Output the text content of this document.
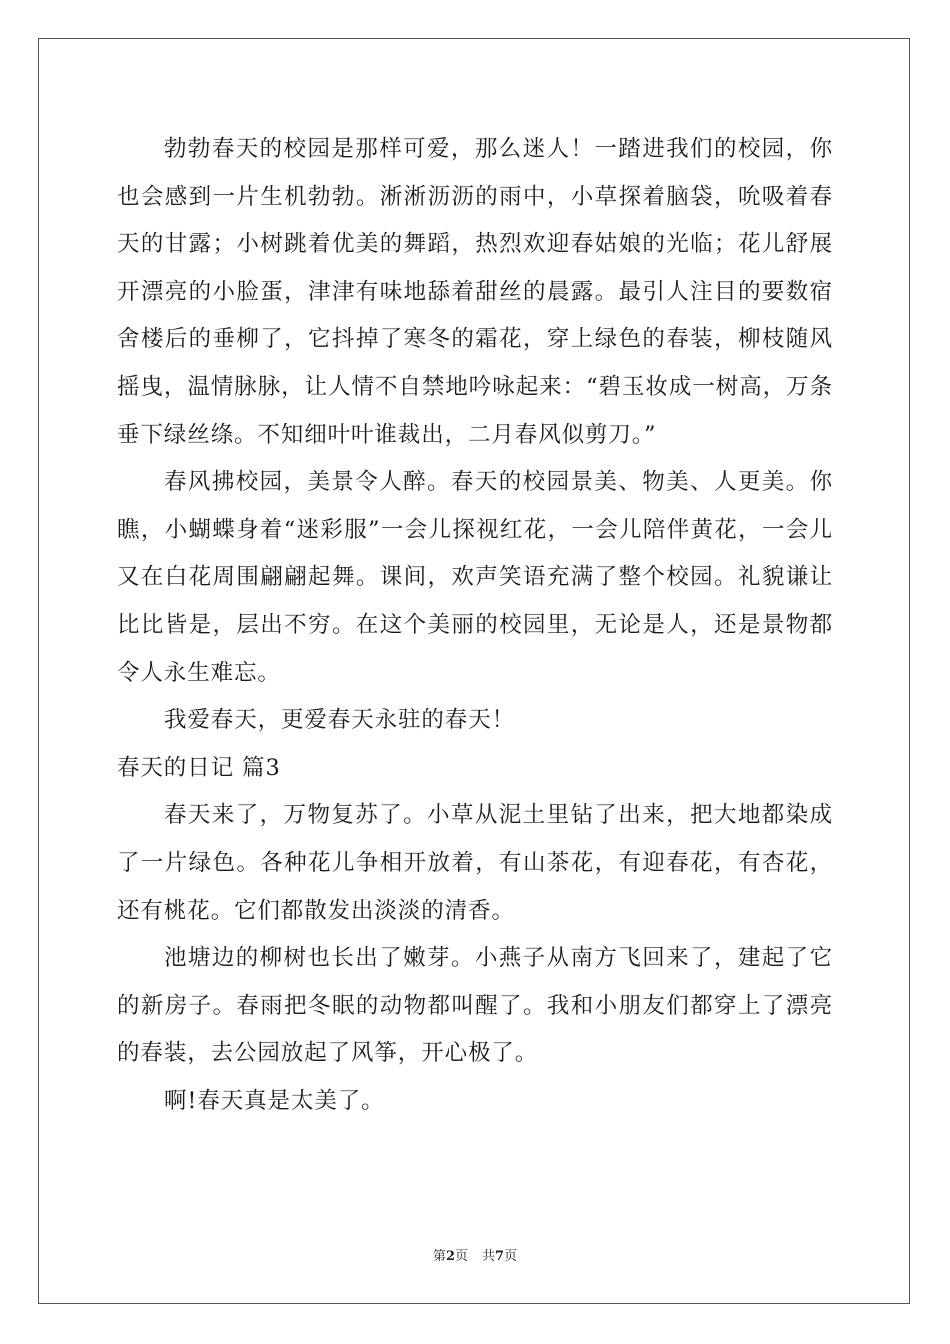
勃勃春天的校园是那样可爱，那么迷人！一踏进我们的校园，你也会感到一片生机勃勃。淅淅沥沥的雨中，小草探着脑袋，吮吸着春天的甘露；小树跳着优美的舞蹈，热烈欢迎春姑娘的光临；花儿舒展开漂亮的小脸蛋，津津有味地舔着甜丝的晨露。最引人注目的要数宿舍楼后的垂柳了，它抖掉了寒冬的霜花，穿上绿色的春装，柳枝随风摇曳，温情脉脉，让人情不自禁地吟咏起来：“碧玉妆成一树高，万条垂下绿丝绦。不知细叶叶谁裁出，二月春风似剪刀。”

春风拂校园，美景令人醉。春天的校园景美、物美、人更美。你瞧，小蝴蝶身着“迷彩服”一会儿探视红花，一会儿陪伴黄花，一会儿又在白花周围翩翩起舞。课间，欢声笑语充满了整个校园。礼貌谦让比比皆是，层出不穷。在这个美丽的校园里，无论是人，还是景物都令人永生难忘。

我爱春天，更爱春天永驻的春天！

春天的日记 篇3

春天来了，万物复苏了。小草从泥土里钻了出来，把大地都染成了一片绿色。各种花儿争相开放着，有山茶花，有迎春花，有杏花，还有桃花。它们都散发出淡淡的清香。

池塘边的柳树也长出了嫩芽。小燕子从南方飞回来了，建起了它的新房子。春雨把冬眠的动物都叫醒了。我和小朋友们都穿上了漂亮的春装，去公园放起了风筝，开心极了。

啊!春天真是太美了。

第2页 共7页
